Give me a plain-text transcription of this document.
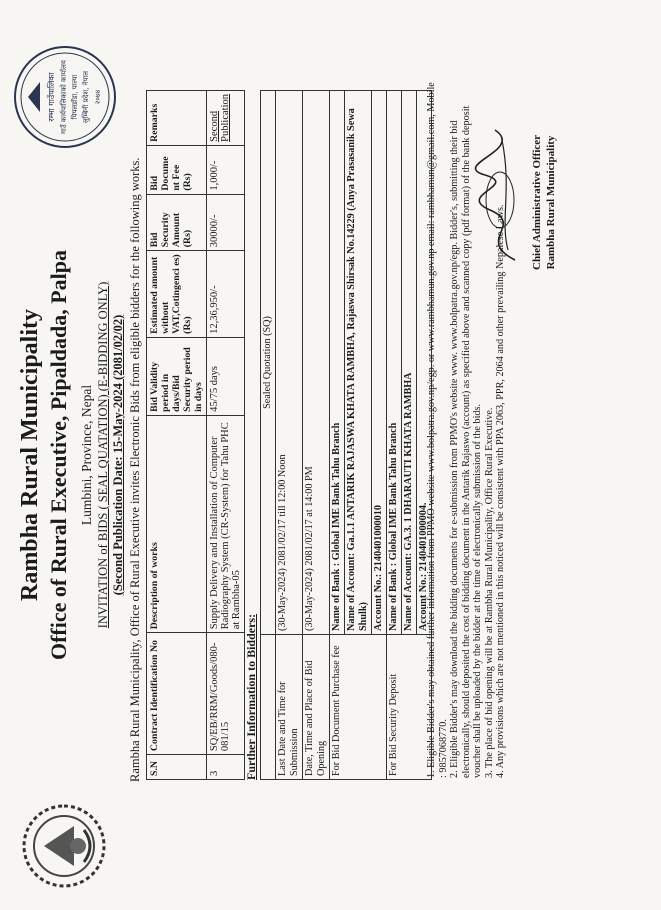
Rambha Rural Municipality Office of Rural Executive, Pipaldada, Palpa Lumbini, Province, Nepal INVITATION of BIDS ( SEAL QUATATION) (E-BIDDING ONLY) (Second Publication Date: 15-May-2024 (2081/02/02)
रम्भा गाउँपालिका गाउँ कार्यपालिकाको कार्यालय पिपलडाँडा, पाल्पा लुम्बिनी प्रदेश, नेपाल २०७४
Rambha Rural Municipality, Office of Rural Executive invites Electronic Bids from eligible bidders for the following works. S.N	Contract Identification No	Description of works	Bid Validity period in days/Bid Security period in days	Estimated amount without VAT,Cotingenci es) (Rs)	Bid Security Amount (Rs)	Bid Docume nt Fee (Rs)	Remarks
3	SQ/EB/RRM/Goods/080-081/15	Supply Delivery and Installation of Computer Radiography System (CR-System) for Tahu PHC at Rambha-05	45/75 days	12,36,950/-	30000/-	1,000/-	Second Publication
Further Information to Bidders:
	Sealed Quotation (SQ)
Last Date and Time for Submission	(30-May-2024) 2081/02/17 till 12:00 Noon
Date, Time and Place of Bid Opening	(30-May-2024) 2081/02/17 at 14:00 PM
For Bid Document Purchase fee	Name of Bank : Global IME Bank Tahu Branch
	Name of Account: Ga.1.1 ANTARIK RAJASWA KHATA RAMBHA, Rajaswa Shirsak No.14229 (Anya Prasasanik Sewa Shulk)
	Account No.: 2140401000010
For Bid Security Deposit	Name of Bank : Global IME Bank Tahu Branch
	Name of Account: GA.3. 1 DHARAUTI KHATA RAMBHA
	Account No.: 2140401000004.

1. Eligible Bidder's may obtained further information from PPMO website www.bolpatra.gov.np/egp. or www.rambhamun.gov.np email: rambhamun@gmail.com, Mobile : 9857068770. 2. Eligible Bidder's may download the bidding documents for e-submission from PPMO's website www. www.bolpatra.gov.np/egp. Bidder's, submitting their bid electronically, should deposited the cost of bidding document in the Antarik Rajaswo (account) as specified above and scanned copy (pdf format) of the bank deposit voucher shall be uploaded by the bidder at the time of electronically submission of the bids. 3. The place of bid opening will be at Rambha Rural Municipality, Office Rural Executive. 4. Any provisions which are not mentioned in this noticed will be consistent with PPA 2063, PPR, 2064 and other prevailing Nepalese Laws.

Chief Administrative Officer Rambha Rural Municipality
